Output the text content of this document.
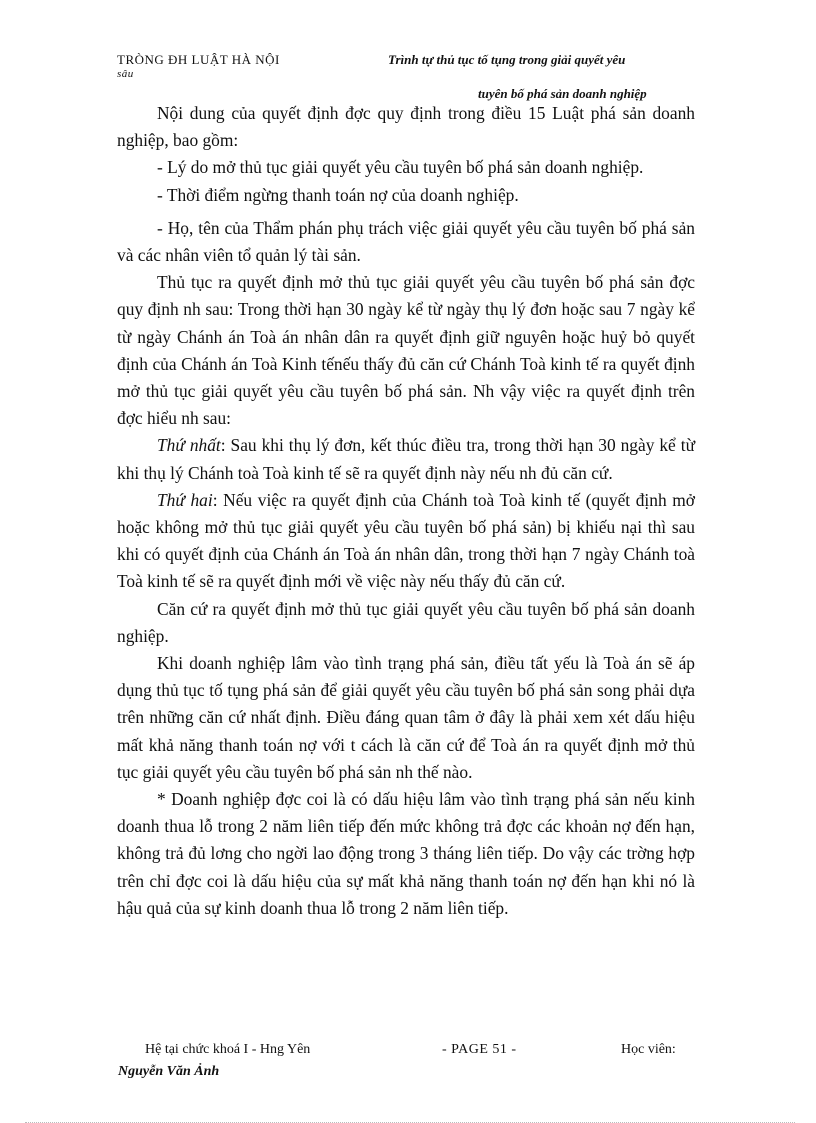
TRÒNG ĐH LUẬT HÀ NỘI
sâu
Trình tự thủ tục tố tụng trong giải quyết yêu
tuyên bố phá sản doanh nghiệp

Nội dung của quyết định đợc quy định trong điều 15 Luật phá sản doanh nghiệp, bao gồm:

- Lý do mở thủ tục giải quyết yêu cầu tuyên bố phá sản doanh nghiệp.

- Thời điểm ngừng thanh toán nợ của doanh nghiệp.

- Họ, tên của Thẩm phán phụ trách việc giải quyết yêu cầu tuyên bố phá sản và các nhân viên tổ quản lý tài sản.

Thủ tục ra quyết định mở thủ tục giải quyết yêu cầu tuyên bố phá sản đợc quy định nh sau: Trong thời hạn 30 ngày kể từ ngày thụ lý đơn hoặc sau 7 ngày kể từ ngày Chánh án Toà án nhân dân ra quyết định giữ nguyên hoặc huỷ bỏ quyết định của Chánh án Toà Kinh tếnếu thấy đủ căn cứ Chánh Toà kinh tế ra quyết định mở thủ tục giải quyết yêu cầu tuyên bố phá sản. Nh vậy việc ra quyết định trên đợc hiểu nh sau:

Thứ nhất: Sau khi thụ lý đơn, kết thúc điều tra, trong thời hạn 30 ngày kể từ khi thụ lý Chánh toà Toà kinh tế sẽ ra quyết định này nếu nh đủ căn cứ.

Thứ hai: Nếu việc ra quyết định của Chánh toà Toà kinh tế (quyết định mở hoặc không mở thủ tục giải quyết yêu cầu tuyên bố phá sản) bị khiếu nại thì sau khi có quyết định của Chánh án Toà án nhân dân, trong thời hạn 7 ngày Chánh toà Toà kinh tế sẽ ra quyết định mới về việc này nếu thấy đủ căn cứ.

Căn cứ ra quyết định mở thủ tục giải quyết yêu cầu tuyên bố phá sản doanh nghiệp.

Khi doanh nghiệp lâm vào tình trạng phá sản, điều tất yếu là Toà án sẽ áp dụng thủ tục tố tụng phá sản để giải quyết yêu cầu tuyên bố phá sản song phải dựa trên những căn cứ nhất định. Điều đáng quan tâm ở đây là phải xem xét dấu hiệu mất khả năng thanh toán nợ với t cách là căn cứ để Toà án ra quyết định mở thủ tục giải quyết yêu cầu tuyên bố phá sản nh thế nào.

* Doanh nghiệp đợc coi là có dấu hiệu lâm vào tình trạng phá sản nếu kinh doanh thua lỗ trong 2 năm liên tiếp đến mức không trả đợc các khoản nợ đến hạn, không trả đủ lơng cho ngời lao động trong 3 tháng liên tiếp. Do vậy các trờng hợp trên chỉ đợc coi là dấu hiệu của sự mất khả năng thanh toán nợ đến hạn khi nó là hậu quả của sự kinh doanh thua lỗ trong 2 năm liên tiếp.

Hệ tại chức khoá I - Hng Yên	- PAGE 51 -	Học viên:
Nguyễn Văn Ảnh
